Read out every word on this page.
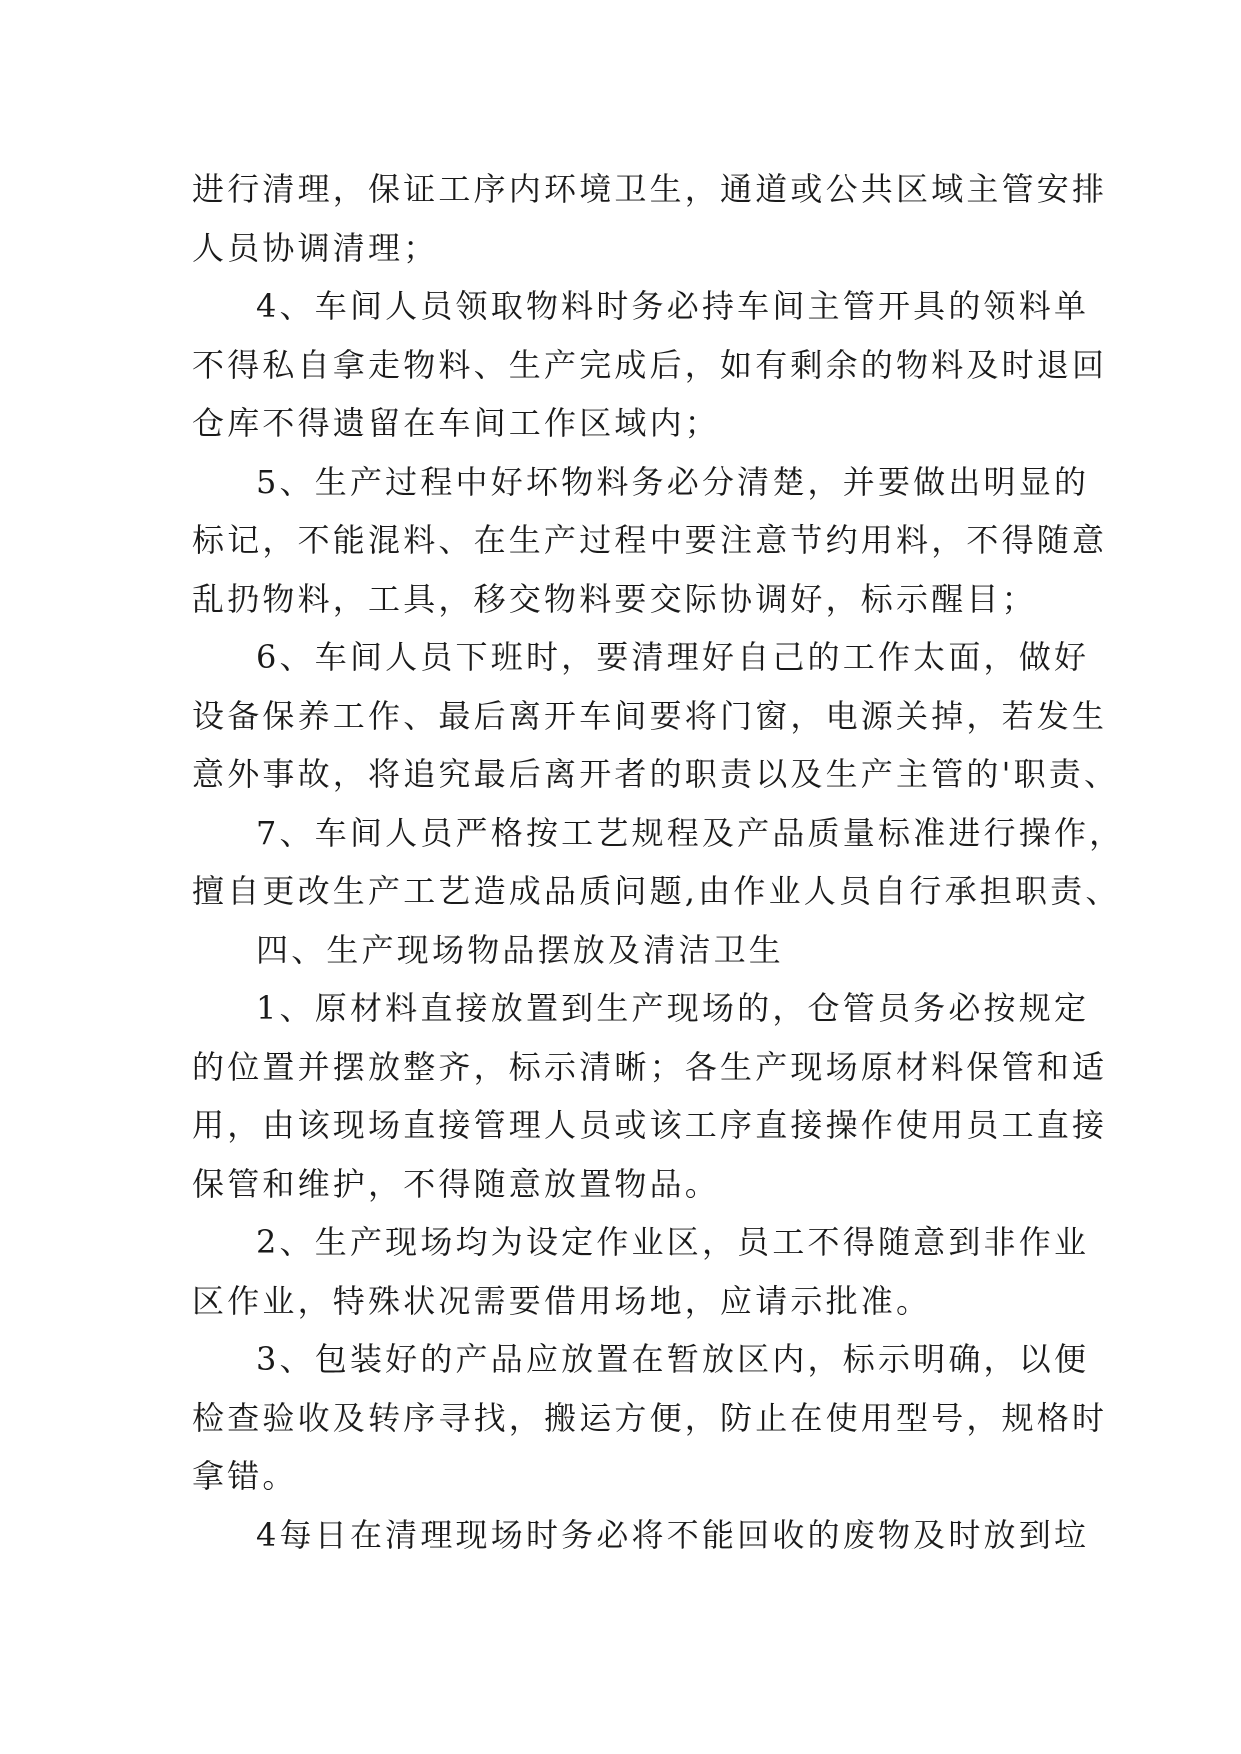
进行清理，保证工序内环境卫生，通道或公共区域主管安排
人员协调清理；
4、车间人员领取物料时务必持车间主管开具的领料单
不得私自拿走物料、生产完成后，如有剩余的物料及时退回
仓库不得遗留在车间工作区域内；
5、生产过程中好坏物料务必分清楚，并要做出明显的
标记，不能混料、在生产过程中要注意节约用料，不得随意
乱扔物料，工具，移交物料要交际协调好，标示醒目；
6、车间人员下班时，要清理好自己的工作太面，做好
设备保养工作、最后离开车间要将门窗，电源关掉，若发生
意外事故，将追究最后离开者的职责以及生产主管的'职责、
7、车间人员严格按工艺规程及产品质量标准进行操作，
擅自更改生产工艺造成品质问题,由作业人员自行承担职责、
四、生产现场物品摆放及清洁卫生
1、原材料直接放置到生产现场的，仓管员务必按规定
的位置并摆放整齐，标示清晰；各生产现场原材料保管和适
用，由该现场直接管理人员或该工序直接操作使用员工直接
保管和维护，不得随意放置物品。
2、生产现场均为设定作业区，员工不得随意到非作业
区作业，特殊状况需要借用场地，应请示批准。
3、包装好的产品应放置在暂放区内，标示明确，以便
检查验收及转序寻找，搬运方便，防止在使用型号，规格时
拿错。
4每日在清理现场时务必将不能回收的废物及时放到垃
